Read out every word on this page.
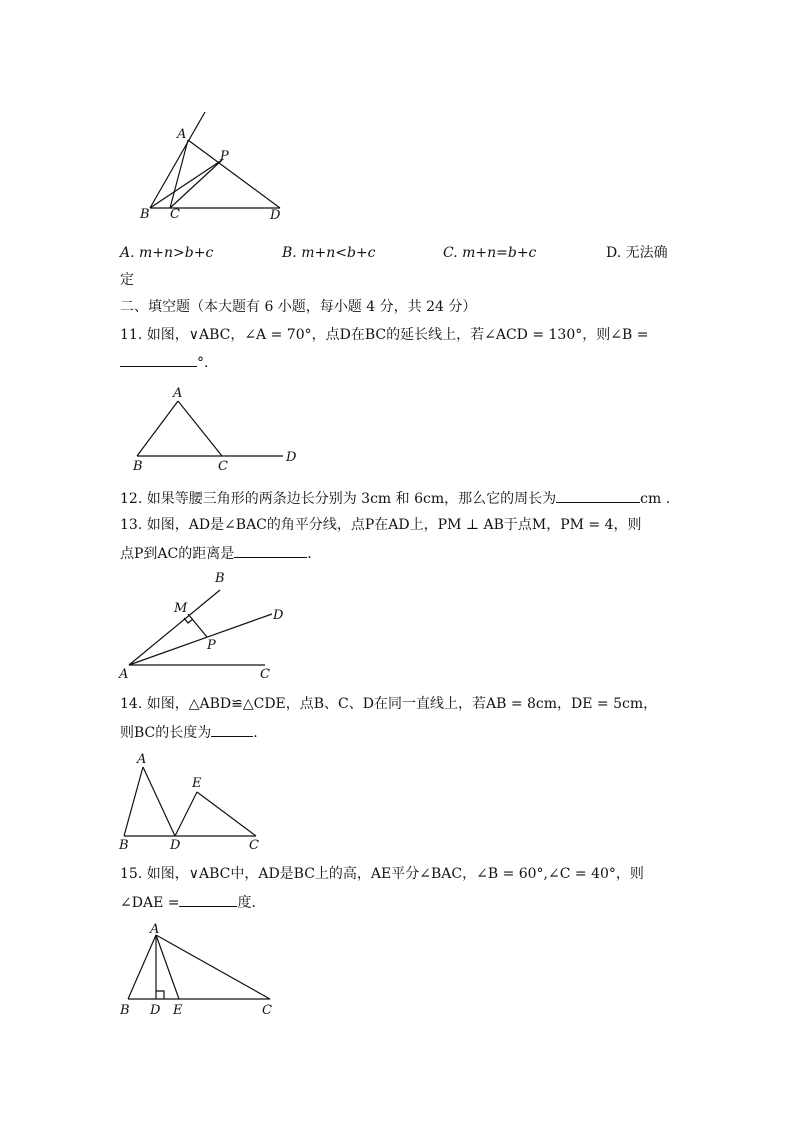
A
P
B C	D
A
B	C
D
M
B
D
P
A	C
A
E
B	D	C
A
B D E	C
A. m+n>b+c	B. m+n<b+c	C. m+n=b+c	D. 无法确
定
二、填空题（本大题有 6 小题，每小题 4 分，共 24 分）
11. 如图，∨ABC，∠A = 70°，点D在BC的延长线上，若∠ACD = 130°，则∠B =
°.
12. 如果等腰三角形的两条边长分别为 3cm 和 6cm，那么它的周长为	cm .
13. 如图，AD是∠BAC的角平分线，点P在AD上，PM ⊥ AB于点M，PM = 4，则
点P到AC的距离是	.
14. 如图，△ABD≌△CDE，点B、C、D在同一直线上，若AB = 8cm，DE = 5cm，
则BC的长度为	.
15. 如图，∨ABC中，AD是BC上的高，AE平分∠BAC，∠B = 60°,∠C = 40°，则
∠DAE =	度.
